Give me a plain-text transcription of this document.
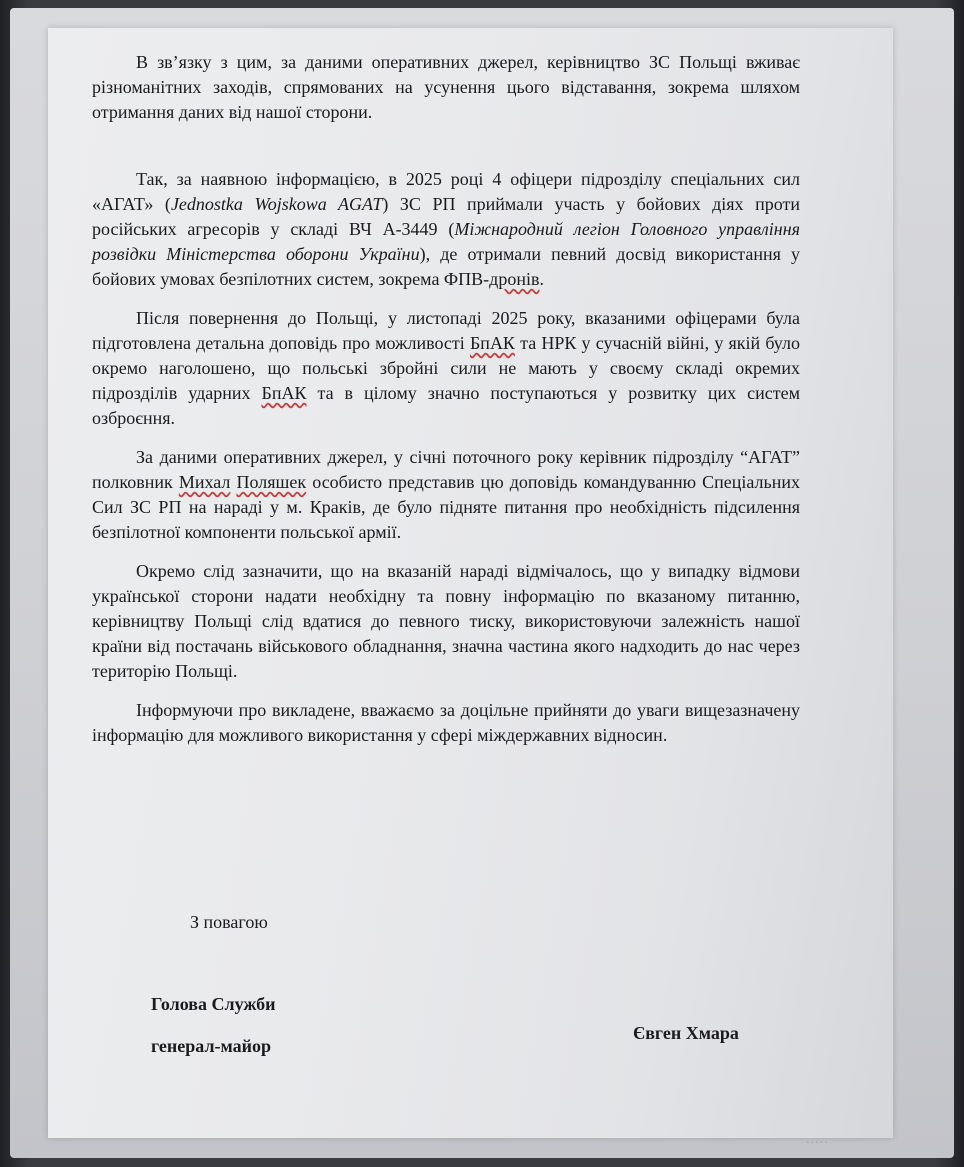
В зв’язку з цим, за даними оперативних джерел, керівництво ЗС Польщі вживає різноманітних заходів, спрямованих на усунення цього відставання, зокрема шляхом отримання даних від нашої сторони.

Так, за наявною інформацією, в 2025 році 4 офіцери підрозділу спеціальних сил «АГАТ» (Jednostka Wojskowa AGAT) ЗС РП приймали участь у бойових діях проти російських агресорів у складі ВЧ А-3449 (Міжнародний легіон Головного управління розвідки Міністерства оборони України), де отримали певний досвід використання у бойових умовах безпілотних систем, зокрема ФПВ-дронів.

Після повернення до Польщі, у листопаді 2025 року, вказаними офіцерами була підготовлена детальна доповідь про можливості БпАК та НРК у сучасній війні, у якій було окремо наголошено, що польські збройні сили не мають у своєму складі окремих підрозділів ударних БпАК та в цілому значно поступаються у розвитку цих систем озброєння.

За даними оперативних джерел, у січні поточного року керівник підрозділу “АГАТ” полковник Михал Поляшек особисто представив цю доповідь командуванню Спеціальних Сил ЗС РП на нараді у м. Краків, де було підняте питання про необхідність підсилення безпілотної компоненти польської армії.

Окремо слід зазначити, що на вказаній нараді відмічалось, що у випадку відмови української сторони надати необхідну та повну інформацію по вказаному питанню, керівництву Польщі слід вдатися до певного тиску, використовуючи залежність нашої країни від постачань військового обладнання, значна частина якого надходить до нас через територію Польщі.

Інформуючи про викладене, вважаємо за доцільне прийняти до уваги вищезазначену інформацію для можливого використання у сфері міждержавних відносин.

З повагою
Голова Служби
генерал-майор
Євген Хмара
·····
